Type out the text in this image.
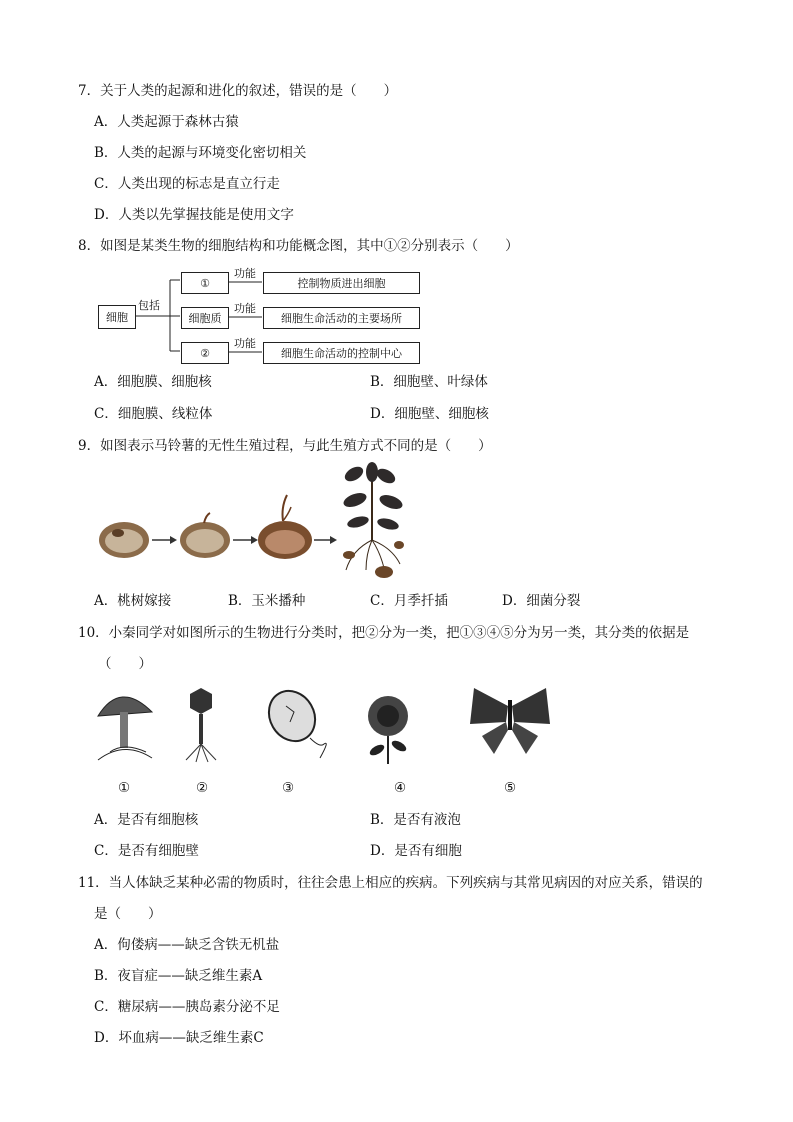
7．关于人类的起源和进化的叙述，错误的是（　　）
A．人类起源于森林古猿
B．人类的起源与环境变化密切相关
C．人类出现的标志是直立行走
D．人类以先掌握技能是使用文字
8．如图是某类生物的细胞结构和功能概念图，其中①②分别表示（　　）
细胞
包括
①
细胞质
②
功能
功能
功能
控制物质进出细胞
细胞生命活动的主要场所
细胞生命活动的控制中心
A．细胞膜、细胞核	B．细胞壁、叶绿体
C．细胞膜、线粒体	D．细胞壁、细胞核
9．如图表示马铃薯的无性生殖过程，与此生殖方式不同的是（　　）
A．桃树嫁接	B．玉米播种	C．月季扦插	D．细菌分裂
10．小秦同学对如图所示的生物进行分类时，把②分为一类，把①③④⑤分为另一类，其分类的依据是
（　　）
①	②	③	④	⑤
A．是否有细胞核	B．是否有液泡
C．是否有细胞壁	D．是否有细胞
11．当人体缺乏某种必需的物质时，往往会患上相应的疾病。下列疾病与其常见病因的对应关系，错误的
是（　　）
A．佝偻病——缺乏含铁无机盐
B．夜盲症——缺乏维生素A
C．糖尿病——胰岛素分泌不足
D．坏血病——缺乏维生素C
